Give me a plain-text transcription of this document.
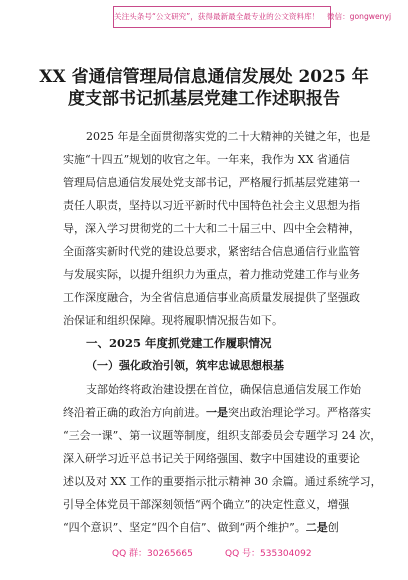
关注头条号“公文研究”，获得最新最全最专业的公文资料库！　微信：gongwenyj
XX 省通信管理局信息通信发展处 2025 年
度支部书记抓基层党建工作述职报告
2025 年是全面贯彻落实党的二十大精神的关键之年，也是
实施“十四五”规划的收官之年。一年来，我作为 XX 省通信
管理局信息通信发展处党支部书记，严格履行抓基层党建第一
责任人职责，坚持以习近平新时代中国特色社会主义思想为指
导，深入学习贯彻党的二十大和二十届三中、四中全会精神，
全面落实新时代党的建设总要求，紧密结合信息通信行业监管
与发展实际，以提升组织力为重点，着力推动党建工作与业务
工作深度融合，为全省信息通信事业高质量发展提供了坚强政
治保证和组织保障。现将履职情况报告如下。
一、2025 年度抓党建工作履职情况
（一）强化政治引领，筑牢忠诚思想根基
支部始终将政治建设摆在首位，确保信息通信发展工作始
终沿着正确的政治方向前进。一是突出政治理论学习。严格落实
“三会一课”、第一议题等制度，组织支部委员会专题学习 24 次，
深入研学习近平总书记关于网络强国、数字中国建设的重要论
述以及对 XX 工作的重要指示批示精神 30 余篇。通过系统学习，
引导全体党员干部深刻领悟“两个确立”的决定性意义，增强
“四个意识”、坚定“四个自信”、做到“两个维护”。二是创
QQ 群：30265665	QQ 号：535304092
